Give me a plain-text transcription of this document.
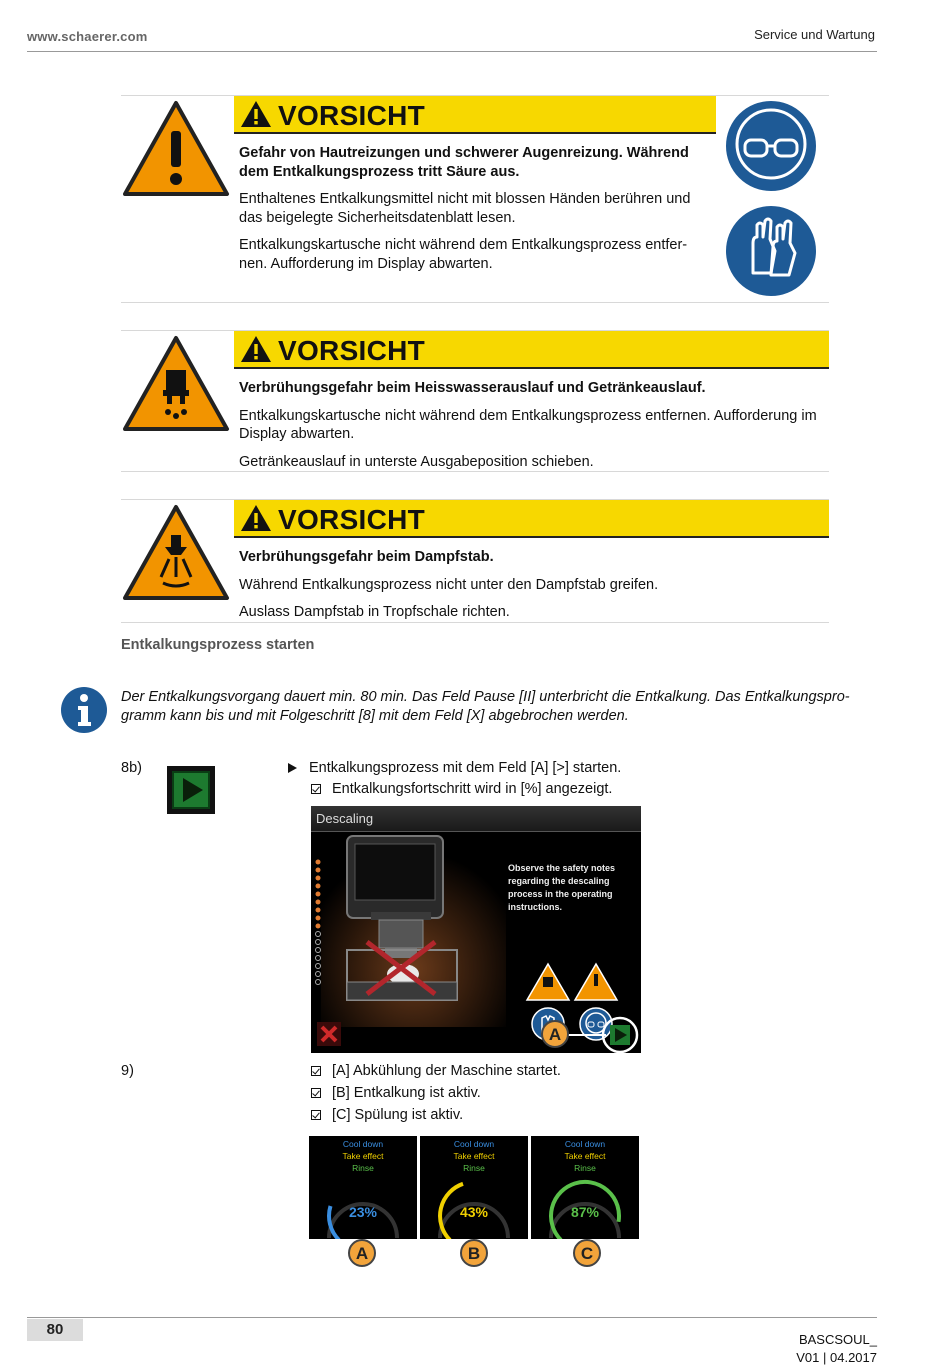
www.schaerer.com	Service und Wartung
VORSICHT

Gefahr von Hautreizungen und schwerer Augenreizung. Während dem Entkalkungsprozess tritt Säure aus.

Enthaltenes Entkalkungsmittel nicht mit blossen Händen berühren und das beigelegte Sicherheitsdatenblatt lesen.

Entkalkungskartusche nicht während dem Entkalkungsprozess entfer-nen. Aufforderung im Display abwarten.

VORSICHT

Verbrühungsgefahr beim Heisswasserauslauf und Getränkeauslauf.

Entkalkungskartusche nicht während dem Entkalkungsprozess entfernen. Aufforderung im Display abwarten.

Getränkeauslauf in unterste Ausgabeposition schieben.

VORSICHT

Verbrühungsgefahr beim Dampfstab.

Während Entkalkungsprozess nicht unter den Dampfstab greifen.

Auslass Dampfstab in Tropfschale richten.

Entkalkungsprozess starten
Der Entkalkungsvorgang dauert min. 80 min. Das Feld Pause [II] unterbricht die Entkalkung. Das Entkalkungspro-gramm kann bis und mit Folgeschritt [8] mit dem Feld [X] abgebrochen werden.
8b)	Entkalkungsprozess mit dem Feld [A] [>] starten.
Entkalkungsfortschritt wird in [%] angezeigt.
Descaling
Observe the safety notes regarding the descaling process in the operating instructions.
A
9)	[A] Abkühlung der Maschine startet.
[B] Entkalkung ist aktiv.
[C] Spülung ist aktiv.
Cool down
Take effect
Rinse
23%
Cool down
Take effect
Rinse
43%
Cool down
Take effect
Rinse
87%
A	B	C
80
BASCSOUL_
V01 | 04.2017
